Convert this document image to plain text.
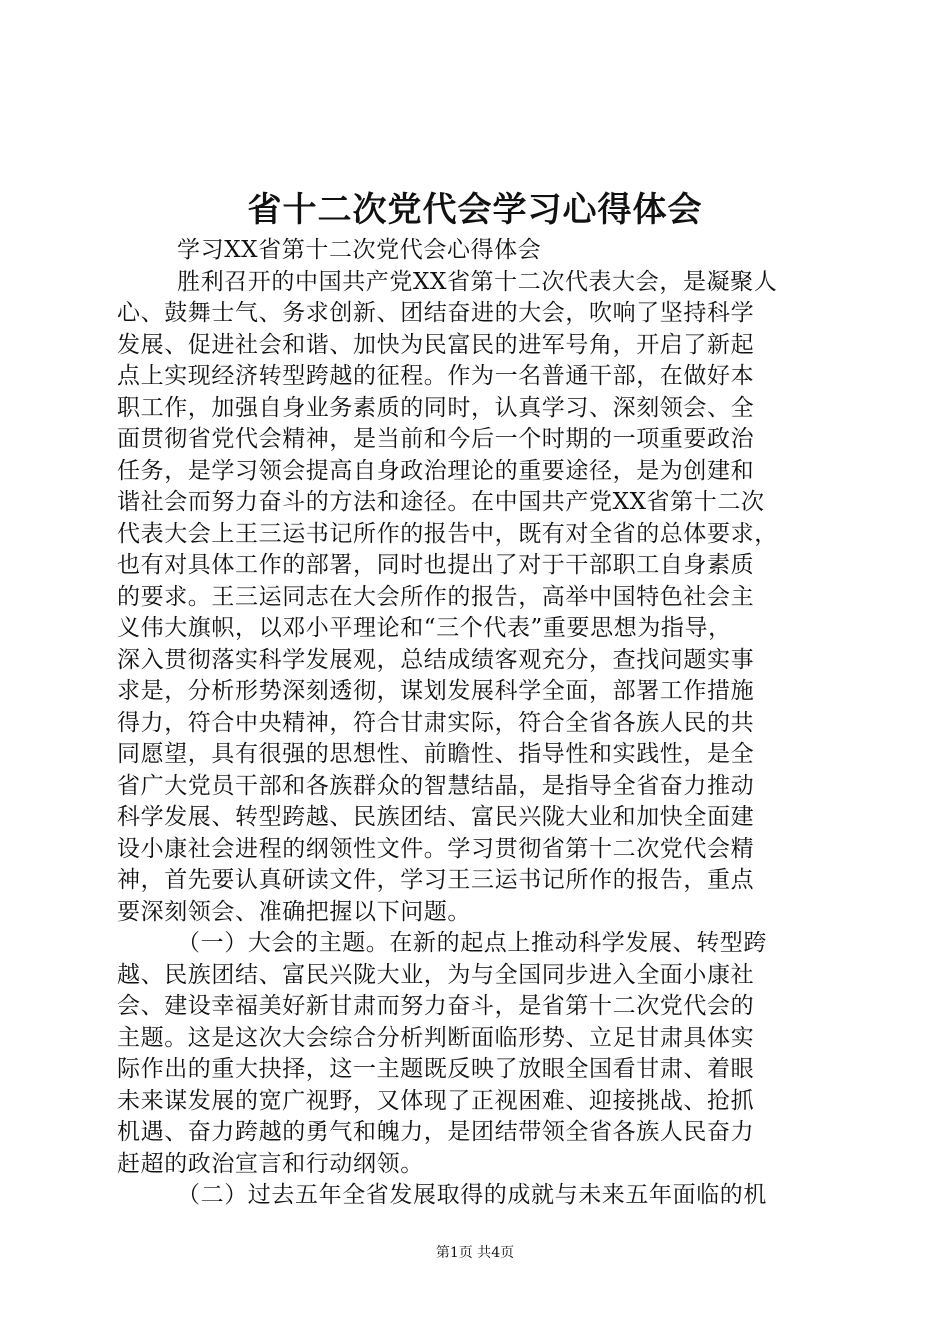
省十二次党代会学习心得体会
学习XX省第十二次党代会心得体会
胜利召开的中国共产党XX省第十二次代表大会，是凝聚人
心、鼓舞士气、务求创新、团结奋进的大会，吹响了坚持科学
发展、促进社会和谐、加快为民富民的进军号角，开启了新起
点上实现经济转型跨越的征程。作为一名普通干部，在做好本
职工作，加强自身业务素质的同时，认真学习、深刻领会、全
面贯彻省党代会精神，是当前和今后一个时期的一项重要政治
任务，是学习领会提高自身政治理论的重要途径，是为创建和
谐社会而努力奋斗的方法和途径。在中国共产党XX省第十二次
代表大会上王三运书记所作的报告中，既有对全省的总体要求，
也有对具体工作的部署，同时也提出了对于干部职工自身素质
的要求。王三运同志在大会所作的报告，高举中国特色社会主
义伟大旗帜，以邓小平理论和“三个代表”重要思想为指导，
深入贯彻落实科学发展观，总结成绩客观充分，查找问题实事
求是，分析形势深刻透彻，谋划发展科学全面，部署工作措施
得力，符合中央精神，符合甘肃实际，符合全省各族人民的共
同愿望，具有很强的思想性、前瞻性、指导性和实践性，是全
省广大党员干部和各族群众的智慧结晶，是指导全省奋力推动
科学发展、转型跨越、民族团结、富民兴陇大业和加快全面建
设小康社会进程的纲领性文件。学习贯彻省第十二次党代会精
神，首先要认真研读文件，学习王三运书记所作的报告，重点
要深刻领会、准确把握以下问题。
（一）大会的主题。在新的起点上推动科学发展、转型跨
越、民族团结、富民兴陇大业，为与全国同步进入全面小康社
会、建设幸福美好新甘肃而努力奋斗，是省第十二次党代会的
主题。这是这次大会综合分析判断面临形势、立足甘肃具体实
际作出的重大抉择，这一主题既反映了放眼全国看甘肃、着眼
未来谋发展的宽广视野，又体现了正视困难、迎接挑战、抢抓
机遇、奋力跨越的勇气和魄力，是团结带领全省各族人民奋力
赶超的政治宣言和行动纲领。
（二）过去五年全省发展取得的成就与未来五年面临的机
第1页 共4页
